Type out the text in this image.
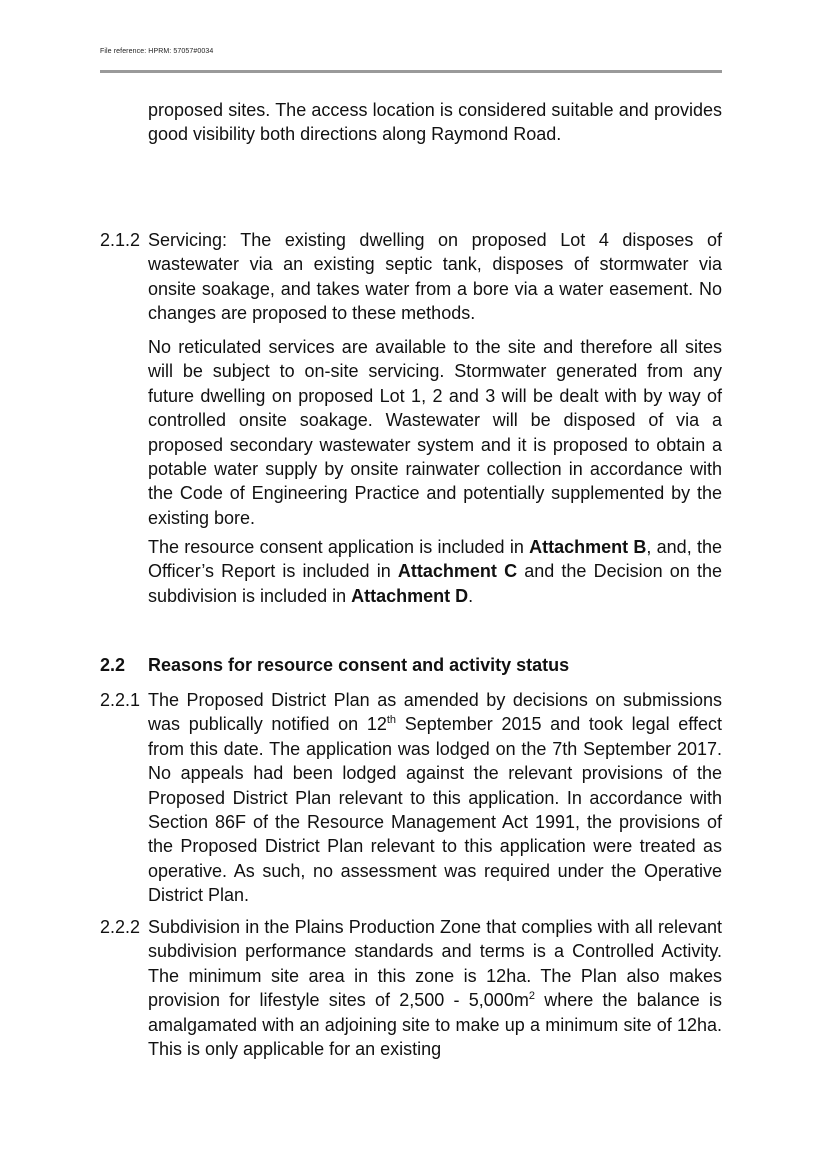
File reference: HPRM: 57057#0034

proposed sites. The access location is considered suitable and provides good visibility both directions along Raymond Road.

2.1.2 Servicing: The existing dwelling on proposed Lot 4 disposes of wastewater via an existing septic tank, disposes of stormwater via onsite soakage, and takes water from a bore via a water easement. No changes are proposed to these methods.

No reticulated services are available to the site and therefore all sites will be subject to on-site servicing. Stormwater generated from any future dwelling on proposed Lot 1, 2 and 3 will be dealt with by way of controlled onsite soakage. Wastewater will be disposed of via a proposed secondary wastewater system and it is proposed to obtain a potable water supply by onsite rainwater collection in accordance with the Code of Engineering Practice and potentially supplemented by the existing bore.

The resource consent application is included in Attachment B, and, the Officer’s Report is included in Attachment C and the Decision on the subdivision is included in Attachment D.

2.2 Reasons for resource consent and activity status
2.2.1 The Proposed District Plan as amended by decisions on submissions was publically notified on 12th September 2015 and took legal effect from this date. The application was lodged on the 7th September 2017. No appeals had been lodged against the relevant provisions of the Proposed District Plan relevant to this application. In accordance with Section 86F of the Resource Management Act 1991, the provisions of the Proposed District Plan relevant to this application were treated as operative. As such, no assessment was required under the Operative District Plan.

2.2.2 Subdivision in the Plains Production Zone that complies with all relevant subdivision performance standards and terms is a Controlled Activity. The minimum site area in this zone is 12ha. The Plan also makes provision for lifestyle sites of $2,500 - 5,000m^2$ where the balance is amalgamated with an adjoining site to make up a minimum site of 12ha. This is only applicable for an existing
